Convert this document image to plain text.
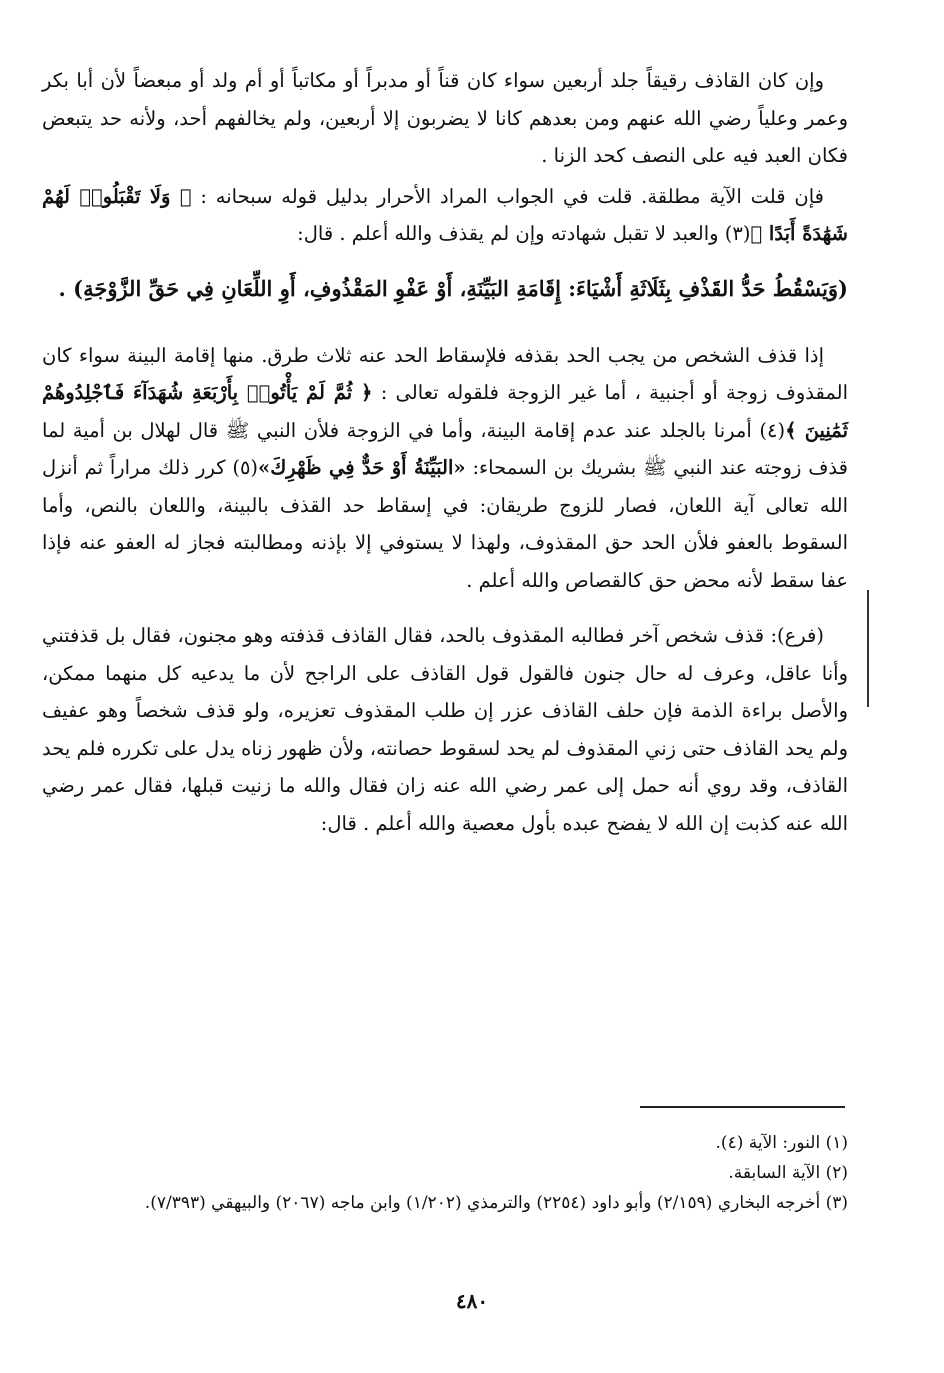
وإن كان القاذف رقيقاً جلد أربعين سواء كان قناً أو مدبراً أو مكاتباً أو أم ولد أو مبعضاً لأن أبا بكر وعمر وعلياً رضي الله عنهم ومن بعدهم كانا لا يضربون إلا أربعين، ولم يخالفهم أحد، ولأنه حد يتبعض فكان العبد فيه على النصف كحد الزنا .

فإن قلت الآية مطلقة. قلت في الجواب المراد الأحرار بدليل قوله سبحانه : ﴿ وَلَا تَقْبَلُوا۟ لَهُمْ شَهَٰدَةً أَبَدًا ﴾(٣) والعبد لا تقبل شهادته وإن لم يقذف والله أعلم . قال:

(وَيَسْقُطُ حَدُّ القَذْفِ بِثَلَاثَةِ أَشْيَاءَ: إِقَامَةِ البَيِّنَةِ، أَوْ عَفْوِ المَقْذُوفِ، أَوِ اللِّعَانِ فِي حَقِّ الزَّوْجَةِ) .

إذا قذف الشخص من يجب الحد بقذفه فلإسقاط الحد عنه ثلاث طرق. منها إقامة البينة سواء كان المقذوف زوجة أو أجنبية ، أما غير الزوجة فلقوله تعالى : ﴿ ثُمَّ لَمْ يَأْتُوا۟ بِأَرْبَعَةِ شُهَدَآءَ فَٱجْلِدُوهُمْ ثَمَٰنِينَ ﴾(٤) أمرنا بالجلد عند عدم إقامة البينة، وأما في الزوجة فلأن النبي ﷺ قال لهلال بن أمية لما قذف زوجته عند النبي ﷺ بشريك بن السمحاء: «البَيِّنَةُ أَوْ حَدٌّ فِي ظَهْرِكَ»(٥) كرر ذلك مراراً ثم أنزل الله تعالى آية اللعان، فصار للزوج طريقان: في إسقاط حد القذف بالبينة، واللعان بالنص، وأما السقوط بالعفو فلأن الحد حق المقذوف، ولهذا لا يستوفي إلا بإذنه ومطالبته فجاز له العفو عنه فإذا عفا سقط لأنه محض حق كالقصاص والله أعلم .

(فرع): قذف شخص آخر فطالبه المقذوف بالحد، فقال القاذف قذفته وهو مجنون، فقال بل قذفتني وأنا عاقل، وعرف له حال جنون فالقول قول القاذف على الراجح لأن ما يدعيه كل منهما ممكن، والأصل براءة الذمة فإن حلف القاذف عزر إن طلب المقذوف تعزيره، ولو قذف شخصاً وهو عفيف ولم يحد القاذف حتى زني المقذوف لم يحد لسقوط حصانته، ولأن ظهور زناه يدل على تكرره فلم يحد القاذف، وقد روي أنه حمل إلى عمر رضي الله عنه زان فقال والله ما زنيت قبلها، فقال عمر رضي الله عنه كذبت إن الله لا يفضح عبده بأول معصية والله أعلم . قال:

(١) النور: الآية (٤).

(٢) الآية السابقة.

(٣) أخرجه البخاري (٢/١٥٩) وأبو داود (٢٢٥٤) والترمذي (١/٢٠٢) وابن ماجه (٢٠٦٧) والبيهقي (٧/٣٩٣).

٤٨٠
